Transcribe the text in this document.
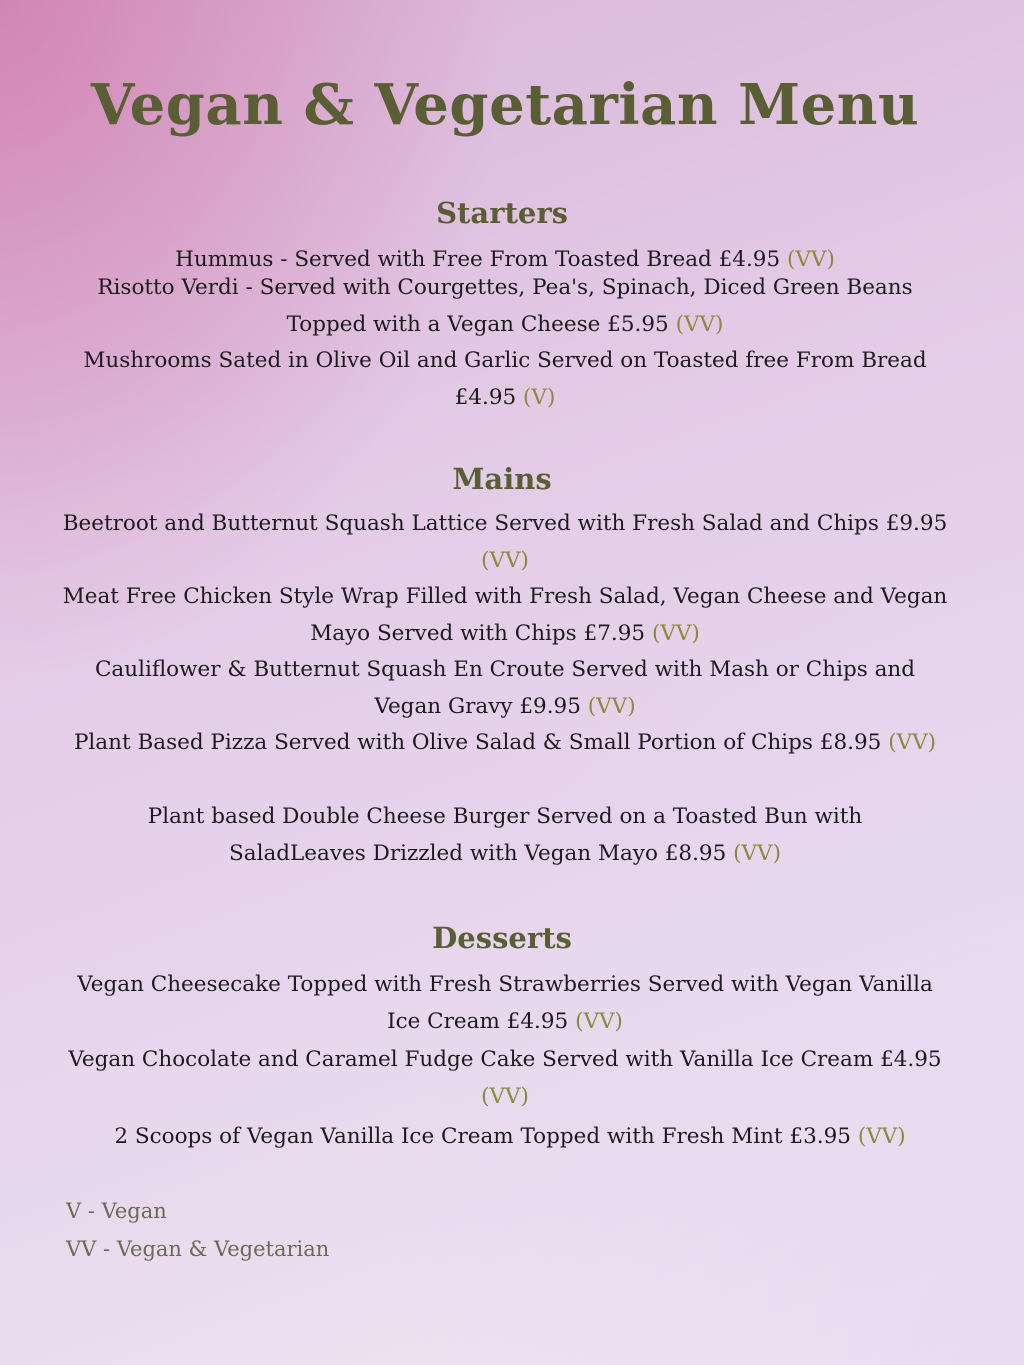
Vegan & Vegetarian Menu
Starters
Hummus - Served with Free From Toasted Bread £4.95 (VV)
Risotto Verdi - Served with Courgettes, Pea's, Spinach, Diced Green Beans Topped with a Vegan Cheese £5.95 (VV)
Mushrooms Sated in Olive Oil and Garlic Served on Toasted free From Bread £4.95 (V)
Mains
Beetroot and Butternut Squash Lattice Served with Fresh Salad and Chips £9.95 (VV)
Meat Free Chicken Style Wrap Filled with Fresh Salad, Vegan Cheese and Vegan Mayo Served with Chips £7.95 (VV)
Cauliflower & Butternut Squash En Croute Served with Mash or Chips and Vegan Gravy £9.95 (VV)
Plant Based Pizza Served with Olive Salad & Small Portion of Chips £8.95 (VV)
Plant based Double Cheese Burger Served on a Toasted Bun with SaladLeaves Drizzled with Vegan Mayo £8.95 (VV)
Desserts
Vegan Cheesecake Topped with Fresh Strawberries Served with Vegan Vanilla Ice Cream £4.95 (VV)
Vegan Chocolate and Caramel Fudge Cake Served with Vanilla Ice Cream £4.95 (VV)
2 Scoops of Vegan Vanilla Ice Cream Topped with Fresh Mint £3.95 (VV)
V - Vegan
VV - Vegan & Vegetarian
